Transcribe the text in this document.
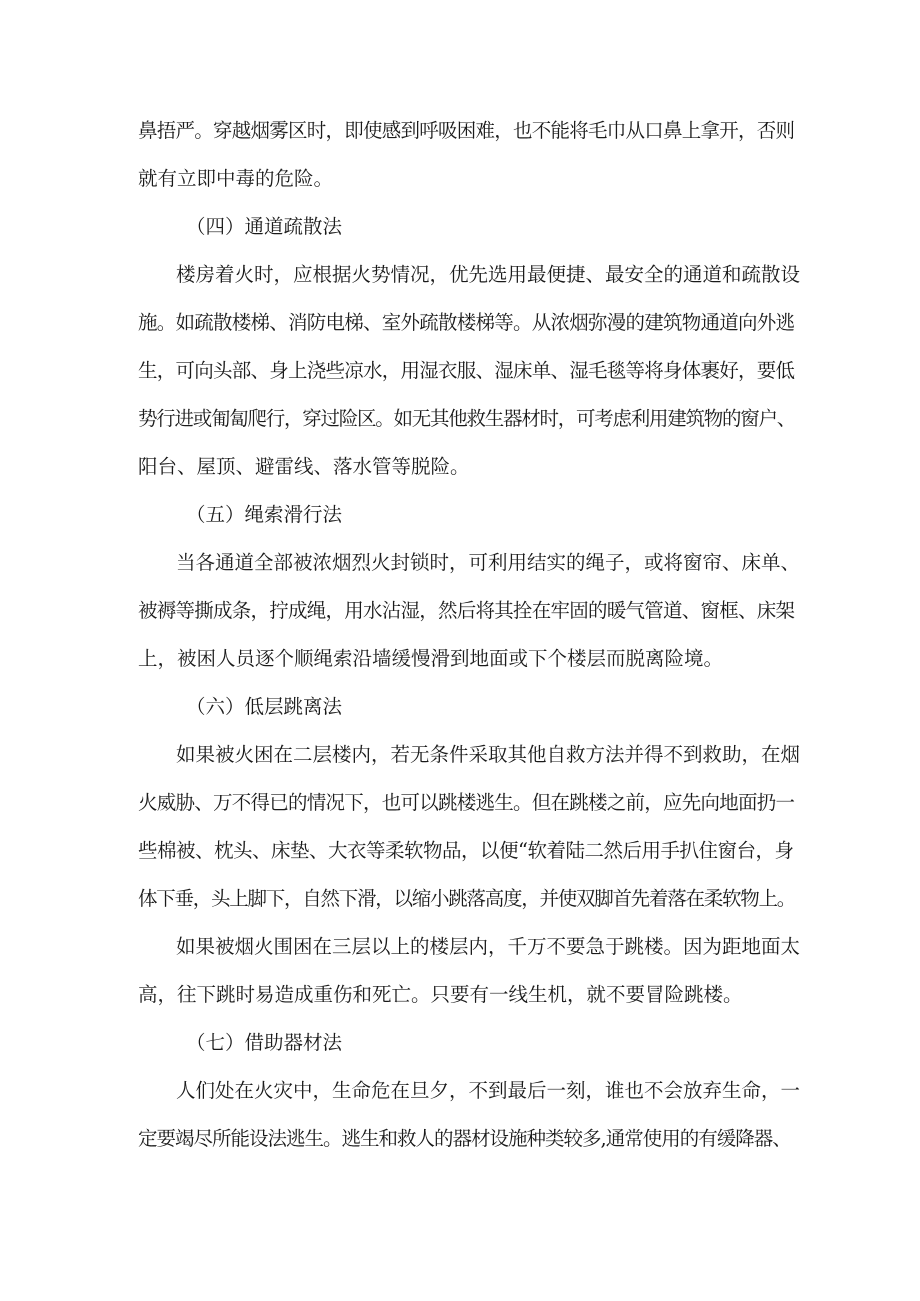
鼻捂严。穿越烟雾区时，即使感到呼吸困难，也不能将毛巾从口鼻上拿开，否则
就有立即中毒的危险。
（四）通道疏散法
楼房着火时，应根据火势情况，优先选用最便捷、最安全的通道和疏散设
施。如疏散楼梯、消防电梯、室外疏散楼梯等。从浓烟弥漫的建筑物通道向外逃
生，可向头部、身上浇些凉水，用湿衣服、湿床单、湿毛毯等将身体裹好，要低
势行进或匍匐爬行，穿过险区。如无其他救生器材时，可考虑利用建筑物的窗户、
阳台、屋顶、避雷线、落水管等脱险。
（五）绳索滑行法
当各通道全部被浓烟烈火封锁时，可利用结实的绳子，或将窗帘、床单、
被褥等撕成条，拧成绳，用水沾湿，然后将其拴在牢固的暖气管道、窗框、床架
上，被困人员逐个顺绳索沿墙缓慢滑到地面或下个楼层而脱离险境。
（六）低层跳离法
如果被火困在二层楼内，若无条件采取其他自救方法并得不到救助，在烟
火威胁、万不得已的情况下，也可以跳楼逃生。但在跳楼之前，应先向地面扔一
些棉被、枕头、床垫、大衣等柔软物品，以便“软着陆二然后用手扒住窗台，身
体下垂，头上脚下，自然下滑，以缩小跳落高度，并使双脚首先着落在柔软物上。
如果被烟火围困在三层以上的楼层内，千万不要急于跳楼。因为距地面太
高，往下跳时易造成重伤和死亡。只要有一线生机，就不要冒险跳楼。
（七）借助器材法
人们处在火灾中，生命危在旦夕，不到最后一刻，谁也不会放弃生命，一
定要竭尽所能设法逃生。逃生和救人的器材设施种类较多,通常使用的有缓降器、
